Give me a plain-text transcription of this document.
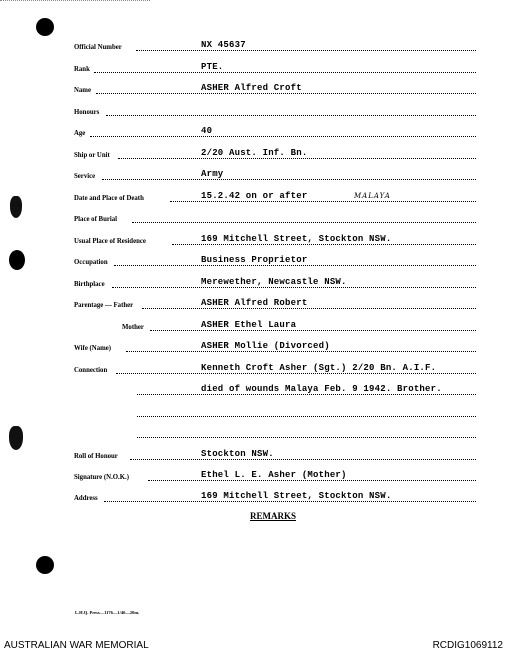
Official Number	NX 45637
Rank	PTE.
Name	ASHER Alfred Croft
Honours
Age	40
Ship or Unit	2/20 Aust. Inf. Bn.
Service	Army
Date and Place of Death	15.2.42 on or after	MALAYA
Place of Burial
Usual Place of Residence	169 Mitchell Street, Stockton NSW.
Occupation	Business Proprietor
Birthplace	Merewether, Newcastle NSW.
Parentage — Father	ASHER Alfred Robert
Mother	ASHER Ethel Laura
Wife (Name)	ASHER Mollie (Divorced)
Connection	Kenneth Croft Asher (Sgt.) 2/20 Bn. A.I.F.
died of wounds Malaya Feb. 9 1942. Brother.
Roll of Honour	Stockton NSW.
Signature (N.O.K.)	Ethel L. E. Asher (Mother)
Address	169 Mitchell Street, Stockton NSW.
REMARKS
L.H.Q. Press—1176—1/46—20m.
AUSTRALIAN WAR MEMORIAL	RCDIG1069112
